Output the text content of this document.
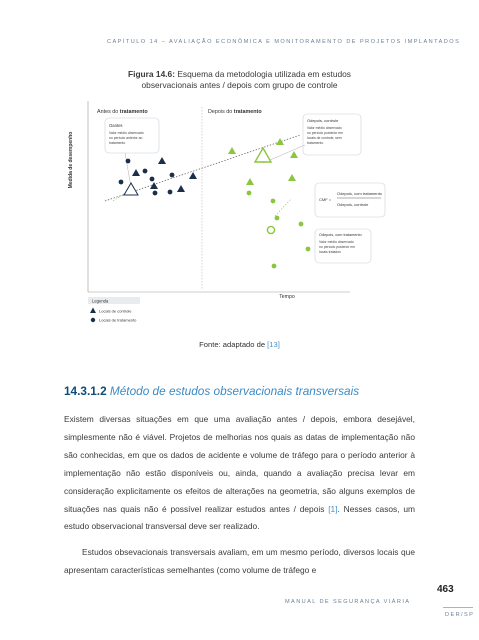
CAPÍTULO 14 – AVALIAÇÃO ECONÔMICA E MONITORAMENTO DE PROJETOS IMPLANTADOS
Figura 14.6: Esquema da metodologia utilizada em estudos
observacionais antes / depois com grupo de controle
Medida de desempenho
Tempo
Antes do tratamento	Depois do tratamento
Oantes
Valor médio observado
no período anterior ao
tratamento
Odepois, controle
Valor médio observado
no período posterior em
locais de controle, sem
tratamento
CMF =
Odepois, com tratamento
Odepois, controle
Odepois, com tratamento
Valor médio observado
no período posterior em
locais tratados
Legenda
Locais de controle
Locais de tratamento
Fonte: adaptado de [13]
14.3.1.2 Método de estudos observacionais transversais

Existem diversas situações em que uma avaliação antes / depois, embora desejável, simplesmente não é viável. Projetos de melhorias nos quais as datas de implementação não são conhecidas, em que os dados de acidente e volume de tráfego para o período anterior à implementação não estão disponíveis ou, ainda, quando a avaliação precisa levar em consideração explicitamente os efeitos de alterações na geometria, são alguns exemplos de situações nas quais não é possível realizar estudos antes / depois [1]. Nesses casos, um estudo observacional transversal deve ser realizado.

Estudos obsevacionais transversais avaliam, em um mesmo período, diversos locais que apresentam características semelhantes (como volume de tráfego e

463
MANUAL DE SEGURANÇA VIÁRIA
DER/SP
